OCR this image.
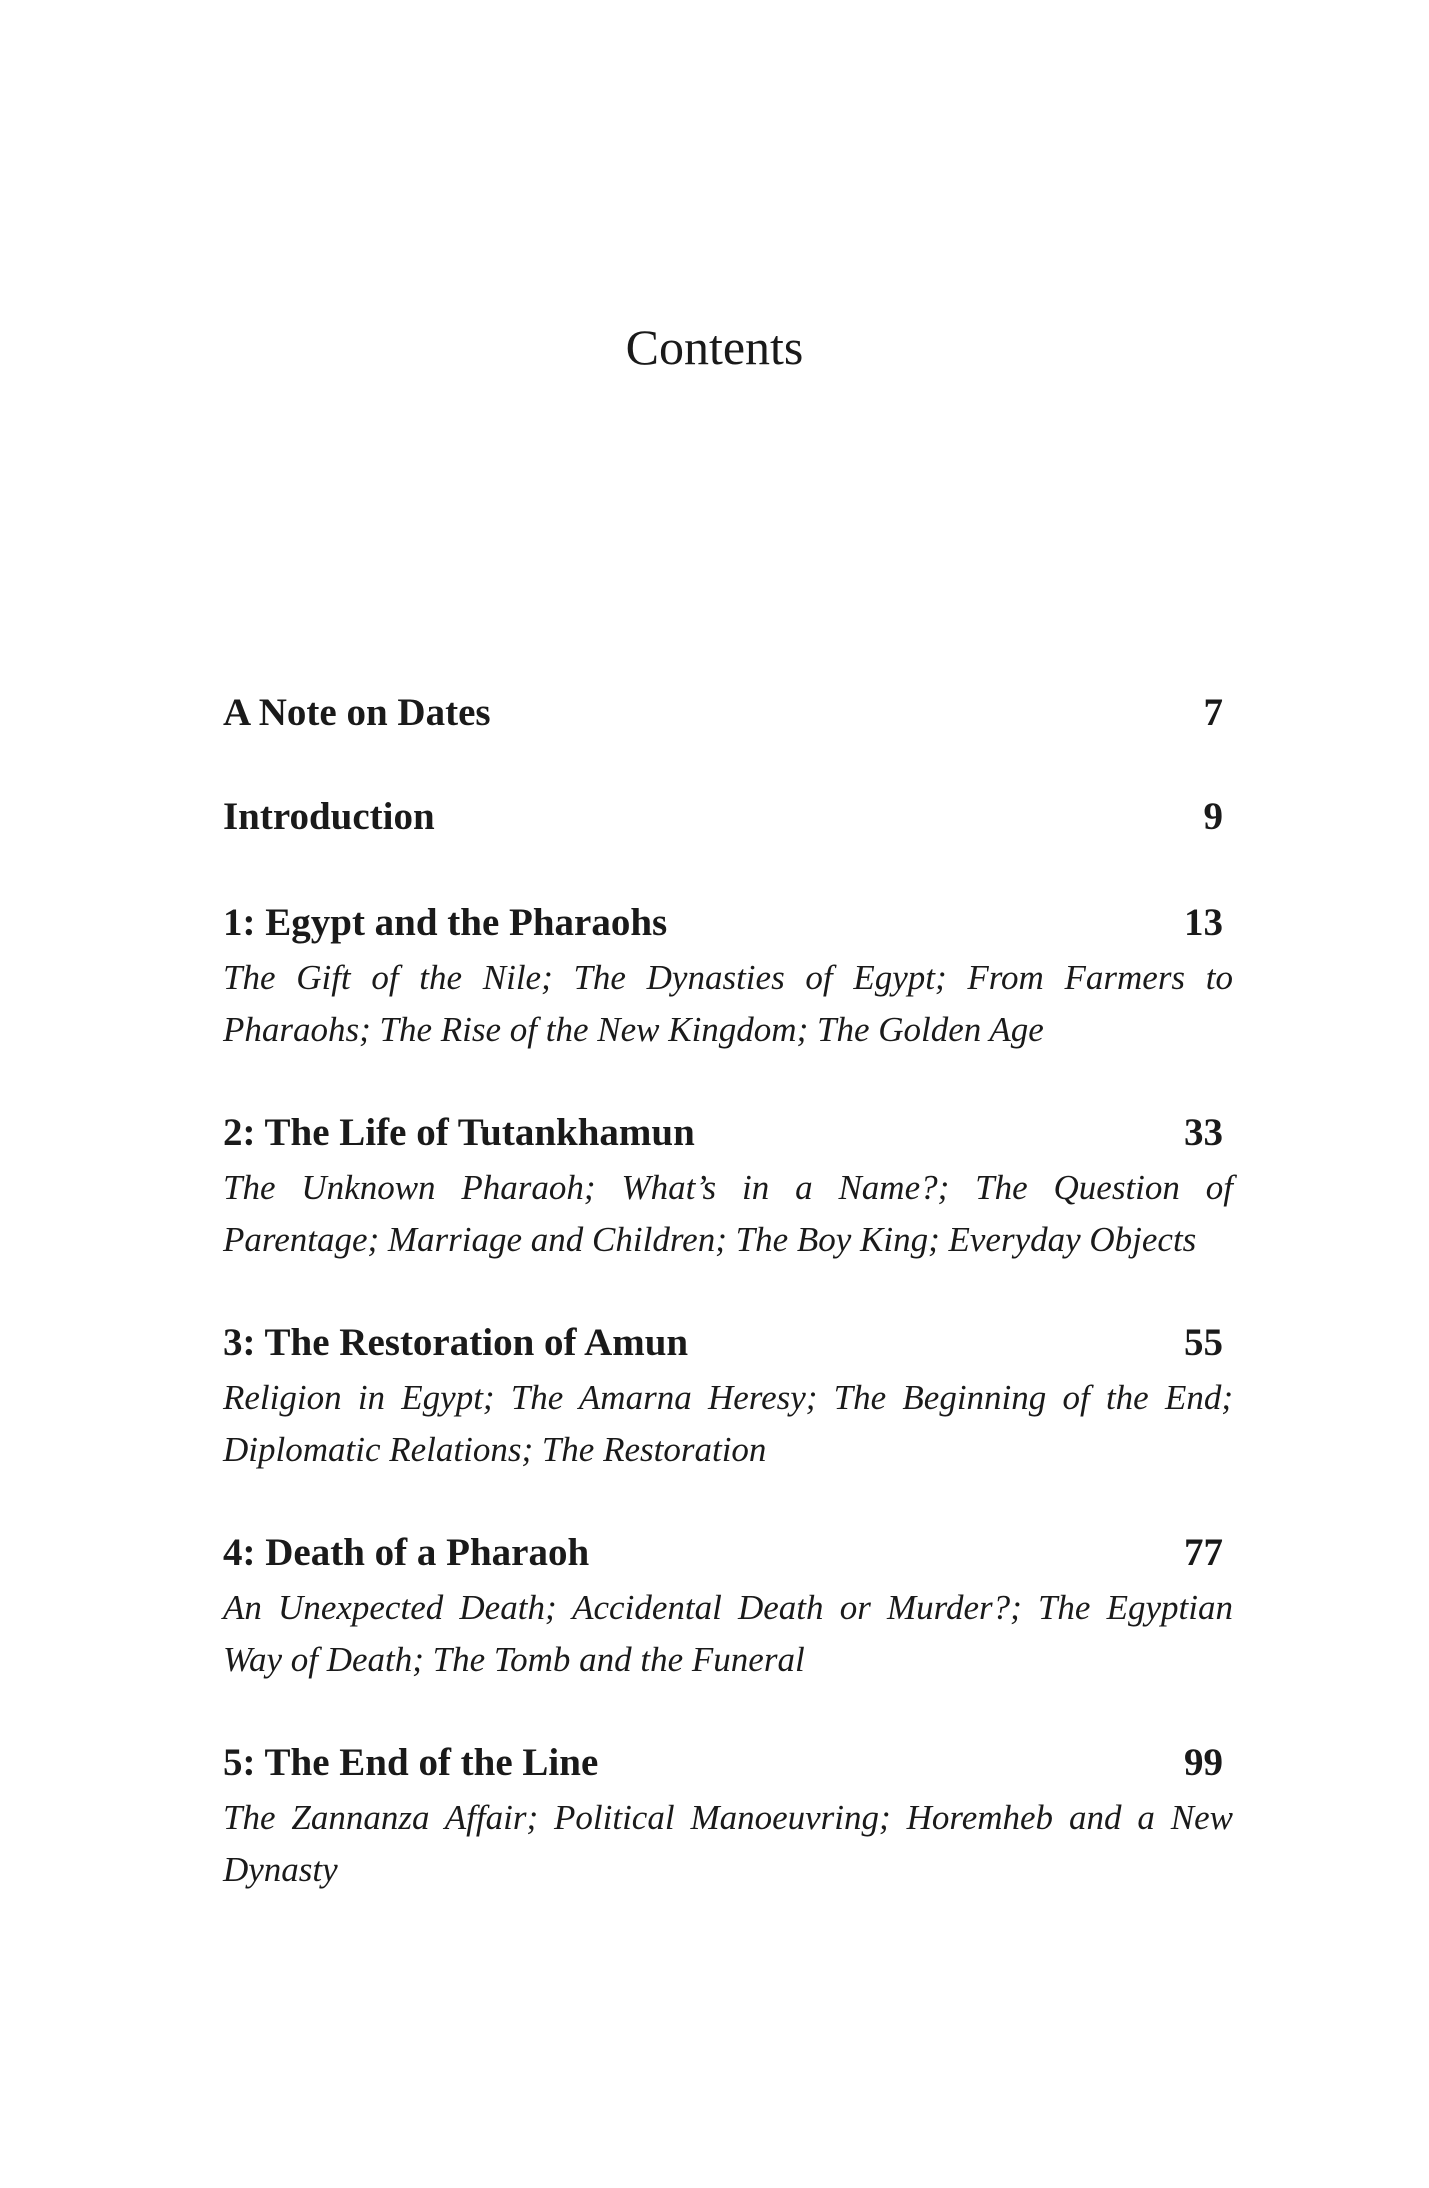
Contents
A Note on Dates	7
Introduction	9
1: Egypt and the Pharaohs	13

The Gift of the Nile; The Dynasties of Egypt; From Farmers to Pharaohs; The Rise of the New Kingdom; The Golden Age

2: The Life of Tutankhamun	33

The Unknown Pharaoh; What’s in a Name?; The Question of Parentage; Marriage and Children; The Boy King; Everyday Objects

3: The Restoration of Amun	55

Religion in Egypt; The Amarna Heresy; The Beginning of the End; Diplomatic Relations; The Restoration

4: Death of a Pharaoh	77

An Unexpected Death; Accidental Death or Murder?; The Egyptian Way of Death; The Tomb and the Funeral

5: The End of the Line	99

The Zannanza Affair; Political Manoeuvring; Horemheb and a New Dynasty
